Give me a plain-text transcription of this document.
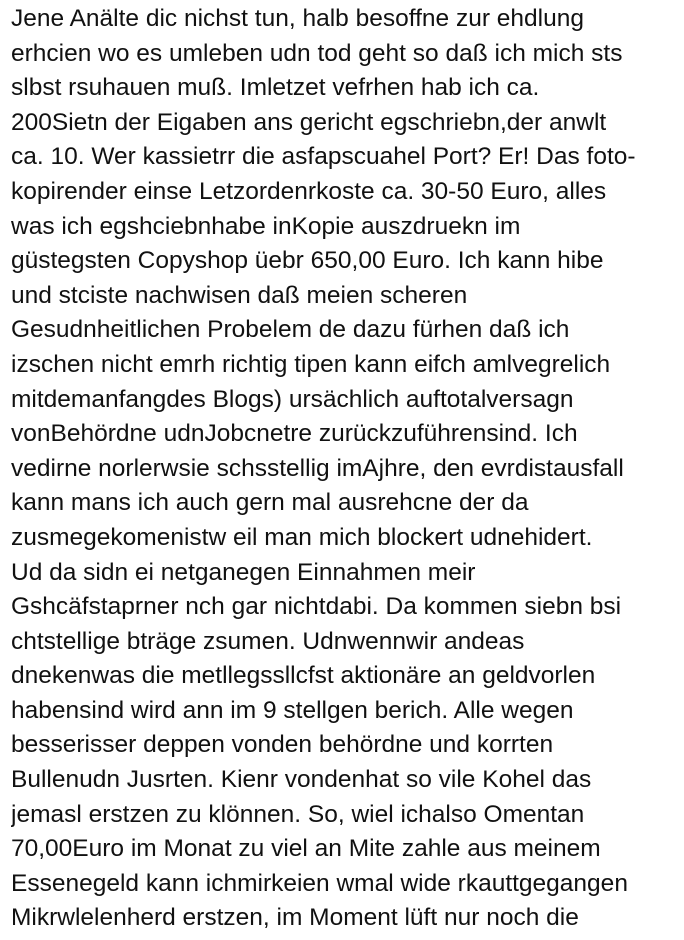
Jene Anälte dic nichst tun, halb besoffne zur ehdlung
erhcien wo es umleben udn tod geht so daß ich mich sts
slbst rsuhauen muß. Imletzet vefrhen hab ich ca.
200Sietn der Eigaben ans gericht egschriebn,der anwlt
ca. 10. Wer kassietrr die asfapscuahel Port? Er! Das foto-
kopirender einse Letzordenrkoste ca. 30-50 Euro, alles
was ich egshciebnhabe inKopie auszdruekn im
güstegsten Copyshop üebr 650,00 Euro. Ich kann hibe
und stciste nachwisen daß meien scheren
Gesudnheitlichen Probelem de dazu fürhen daß ich
izschen nicht emrh richtig tipen kann eifch amlvegrelich
mitdemanfangdes Blogs) ursächlich auftotalversagn
vonBehördne udnJobcnetre zurückzuführensind. Ich
vedirne norlerwsie schsstellig imAjhre, den evrdistausfall
kann mans ich auch gern mal ausrehcne der da
zusmegekomenistw eil man mich blockert udnehidert.
Ud da sidn ei netganegen Einnahmen meir
Gshcäfstaprner nch gar nichtdabi. Da kommen siebn bsi
chtstellige bträge zsumen. Udnwennwir andeas
dnekenwas die metllegssllcfst aktionäre an geldvorlen
habensind wird ann im 9 stellgen berich. Alle wegen
besserisser deppen vonden behördne und korrten
Bullenudn Jusrten. Kienr vondenhat so vile Kohel das
jemasl erstzen zu klönnen. So, wiel ichalso Omentan
70,00Euro im Monat zu viel an Mite zahle aus meinem
Essenegeld kann ichmirkeien wmal wide rkauttgegangen
Mikrwlelenherd erstzen, im Moment lüft nur noch die
